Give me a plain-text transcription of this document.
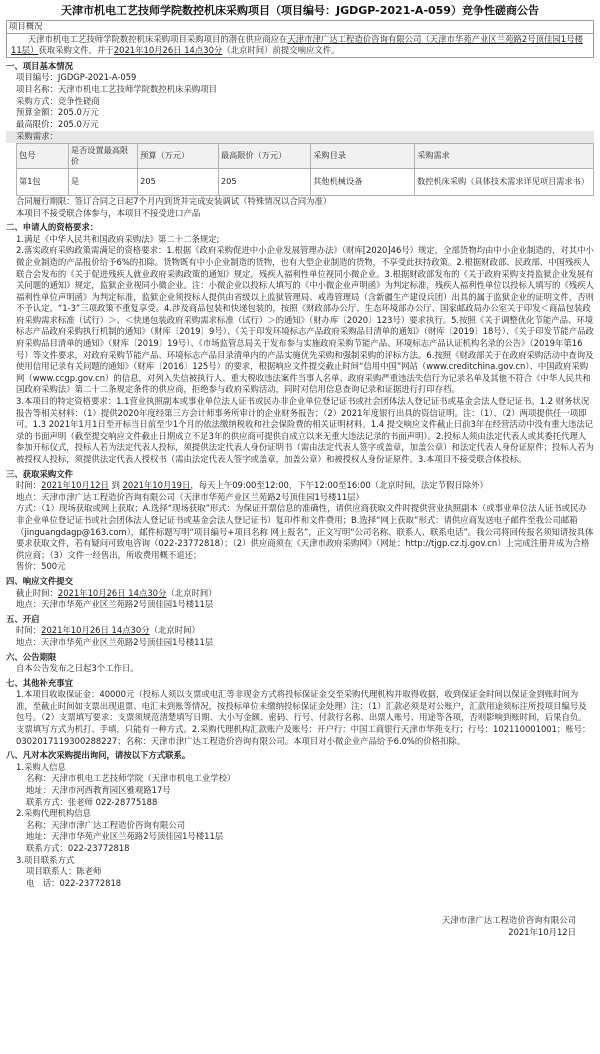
天津市机电工艺技师学院数控机床采购项目（项目编号：JGDGP-2021-A-059）竞争性磋商公告
项目概况
天津市机电工艺技师学院数控机床采购项目采购项目的潜在供应商应在天津市津广达工程造价咨询有限公司（天津市华苑产业区兰苑路2号顶佳园1号楼11层）获取采购文件，并于2021年10月26日 14点30分（北京时间）前提交响应文件。
一、项目基本情况
项目编号：JGDGP-2021-A-059
项目名称：天津市机电工艺技师学院数控机床采购项目
采购方式：竞争性磋商
预算金额：205.0万元
最高限价：205.0万元
采购需求：
包号	是否设置最高限价	预算（万元）	最高限价（万元）	采购目录	采购需求
第1包	是	205	205	其他机械设备	数控机床采购（具体技术需求详见项目需求书）
合同履行期限：签订合同之日起7个月内到货并完成安装调试（特殊情况以合同为准）
本项目不接受联合体参与，本项目不接受进口产品
二、申请人的资格要求：
1.满足《中华人民共和国政府采购法》第二十二条规定;
2.落实政府采购政策需满足的资格要求：1.根据《政府采购促进中小企业发展管理办法》（财库[2020]46号）规定，全部货物均由中小企业制造的，对其中小微企业制造的产品报价给予6%的扣除。货物既有中小企业制造的货物，也有大型企业制造的货物，不享受此扶持政策。2.根据财政部、民政部、中国残疾人联合会发布的《关于促进残疾人就业政府采购政策的通知》规定，残疾人福利性单位视同小微企业。3.根据财政部发布的《关于政府采购支持监狱企业发展有关问题的通知》规定，监狱企业视同小微企业。注：小微企业以投标人填写的《中小微企业声明函》为判定标准，残疾人福利性单位以投标人填写的《残疾人福利性单位声明函》为判定标准，监狱企业须投标人提供由省级以上监狱管理局、戒毒管理局（含新疆生产建设兵团）出具的属于监狱企业的证明文件，否则不予认定。“1-3”三项政策不重复享受。4.涉及商品包装和快递包装的，按照《财政部办公厅、生态环境部办公厅、国家邮政局办公室关于印发＜商品包装政府采购需求标准（试行）＞、＜快递包装政府采购需求标准（试行）＞的通知》（财办库〔2020〕123号）要求执行。5.按照《关于调整优化节能产品、环境标志产品政府采购执行机制的通知》（财库〔2019〕9号）、《关于印发环境标志产品政府采购品目清单的通知》（财库〔2019〕18号）、《关于印发节能产品政府采购品目清单的通知》（财库〔2019〕19号）、《市场监管总局关于发布参与实施政府采购节能产品、环境标志产品认证机构名录的公告》（2019年第16号）等文件要求，对政府采购节能产品、环境标志产品目录清单内的产品实施优先采购和强制采购的评标方法。6.按照《财政部关于在政府采购活动中查询及使用信用记录有关问题的通知》（财库〔2016〕125号）的要求，根据响应文件提交截止时间“信用中国”网站（www.creditchina.gov.cn）、中国政府采购网（www.ccgp.gov.cn）的信息，对列入失信被执行人、重大税收违法案件当事人名单、政府采购严重违法失信行为记录名单及其他不符合《中华人民共和国政府采购法》第二十二条规定条件的供应商，拒绝参与政府采购活动，同时对信用信息查询记录和证据进行打印存档。
3.本项目的特定资格要求：1.1营业执照副本或事业单位法人证书或民办非企业单位登记证书或社会团体法人登记证书或基金会法人登记证书。1.2 财务状况报告等相关材料：（1）提供2020年度经第三方会计师事务所审计的企业财务报告；（2）2021年度银行出具的资信证明。注：（1）、（2）两项提供任一项即可。1.3 2021年1月1日至开标当日前至少1个月的依法缴纳税收和社会保险费的相关证明材料。1.4 提交响应文件截止日前3年在经营活动中没有重大违法记录的书面声明（截至提交响应文件截止日期成立不足3年的供应商可提供自成立以来无重大违法记录的书面声明）。2.投标人须由法定代表人或其委托代理人参加开标仪式，投标人若为法定代表人投标，须提供法定代表人身份证明书（需由法定代表人签字或盖章，加盖公章）和法定代表人身份证原件；投标人若为被授权人投标，须提供法定代表人授权书（需由法定代表人签字或盖章，加盖公章）和被授权人身份证原件。3.本项目不接受联合体投标。
三、获取采购文件
时间：2021年10月12日 到 2021年10月19日，每天上午09:00至12:00，下午12:00至16:00（北京时间，法定节假日除外）
地点：天津市津广达工程造价咨询有限公司（天津市华苑产业区兰苑路2号顶佳园1号楼11层）
方式：（1）现场获取或网上获取；A.选择“现场获取”形式：为保证开票信息的准确性，请供应商获取文件时提供营业执照副本（或事业单位法人证书或民办非企业单位登记证书或社会团体法人登记证书或基金会法人登记证书）复印件和文件费用；B.选择“网上获取”形式：请供应商发送电子邮件至我公司邮箱（jinguangdagp@163.com），邮件标题写明“项目编号+项目名称 网上报名”，正文写明“公司名称、联系人、联系电话”。我公司将回传报名须知请按具体要求获取文件，若有疑问可致电咨询（022-23772818）；（2）供应商须在《天津市政府采购网》（网址：http://tjgp.cz.tj.gov.cn）上完成注册并成为合格供应商；（3）文件一经售出，所收费用概不退还；
售价：500元
四、响应文件提交
截止时间：2021年10月26日 14点30分（北京时间）
地点：天津市华苑产业区兰苑路2号顶佳园1号楼11层
五、开启
时间：2021年10月26日 14点30分（北京时间）
地点：天津市华苑产业区兰苑路2号顶佳园1号楼11层
六、公告期限
自本公告发布之日起3个工作日。
七、其他补充事宜
1.本项目收取保证金：40000元（投标人须以支票或电汇等非现金方式将投标保证金交至采购代理机构并取得收据，收到保证金时间以保证金到账时间为准，至截止时间如支票出现退票、电汇未到账等情况，按投标单位未缴纳投标保证金处理）注：（1）汇款必须是对公账户，汇款用途须标注所投项目编号及包号。（2）支票填写要求：支票须规范清楚填写日期、大小写金额、密码、行号、付款行名称、出票人账号、用途等各项，否则影响到账时间，后果自负。支票填写方式为机打、手填，只能有一种方式。2.采购代理机构汇款账户及账号：开户行：中国工商银行天津市华苑支行；行号：102110001001；账号：0302017119300288227；名称：天津市津广达工程造价咨询有限公司。本项目对小微企业产品给予6.0%的价格扣除。
八、凡对本次采购提出询问，请按以下方式联系。
1.采购人信息
名称：天津市机电工艺技师学院（天津市机电工业学校）
地址：天津市河西教育园区雅观路17号
联系方式：张老师 022-28775188
2.采购代理机构信息
名称：天津市津广达工程造价咨询有限公司
地址：天津市华苑产业区兰苑路2号顶佳园1号楼11层
联系方式：022-23772818
3.项目联系方式
项目联系人：陈老师
电　话：022-23772818
天津市津广达工程造价咨询有限公司
2021年10月12日
